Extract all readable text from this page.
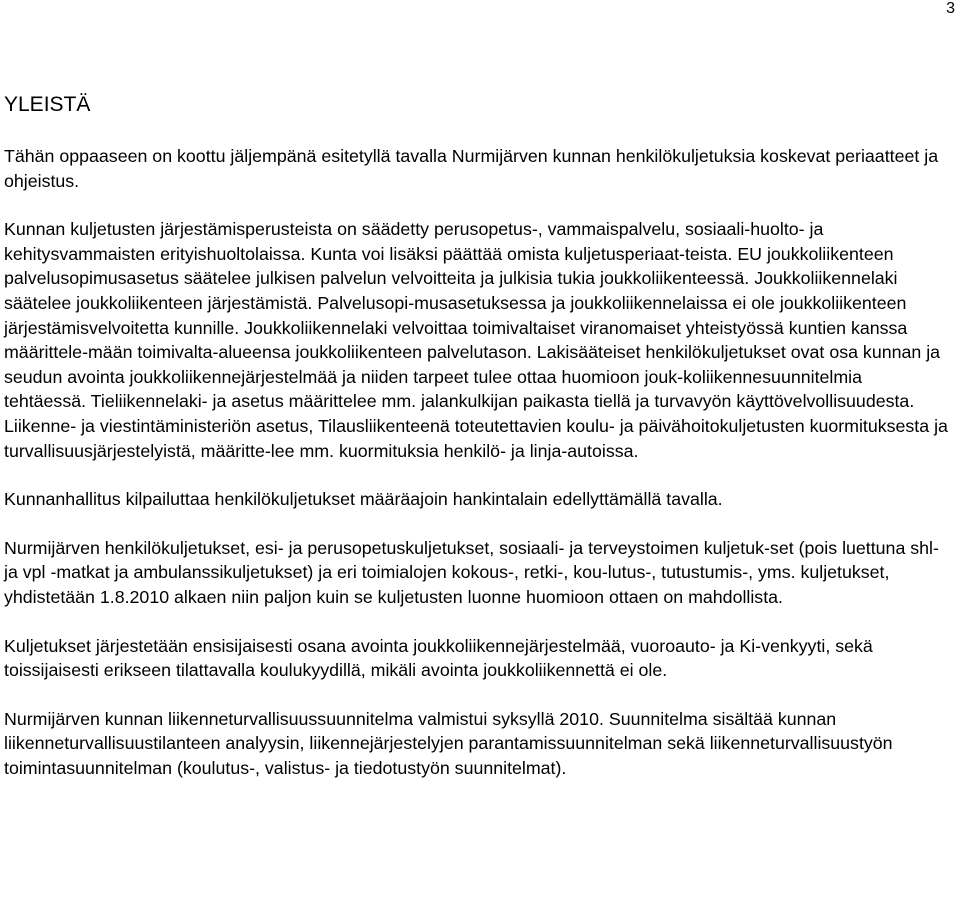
3
YLEISTÄ

Tähän oppaaseen on koottu jäljempänä esitetyllä tavalla Nurmijärven kunnan henkilökuljetuksia koskevat periaatteet ja ohjeistus.

Kunnan kuljetusten järjestämisperusteista on säädetty perusopetus-, vammaispalvelu, sosiaali-huolto- ja kehitysvammaisten erityishuoltolaissa. Kunta voi lisäksi päättää omista kuljetusperiaat-teista. EU joukkoliikenteen palvelusopimusasetus säätelee julkisen palvelun velvoitteita ja julkisia tukia joukkoliikenteessä. Joukkoliikennelaki säätelee joukkoliikenteen järjestämistä. Palvelusopi-musasetuksessa ja joukkoliikennelaissa ei ole joukkoliikenteen järjestämisvelvoitetta kunnille. Joukkoliikennelaki velvoittaa toimivaltaiset viranomaiset yhteistyössä kuntien kanssa määrittele-mään toimivalta-alueensa joukkoliikenteen palvelutason. Lakisääteiset henkilökuljetukset ovat osa kunnan ja seudun avointa joukkoliikennejärjestelmää ja niiden tarpeet tulee ottaa huomioon jouk-koliikennesuunnitelmia tehtäessä. Tieliikennelaki- ja asetus määrittelee mm. jalankulkijan paikasta tiellä ja turvavyön käyttövelvollisuudesta. Liikenne- ja viestintäministeriön asetus, Tilausliikenteenä toteutettavien koulu- ja päivähoitokuljetusten kuormituksesta ja turvallisuusjärjestelyistä, määritte-lee mm. kuormituksia henkilö- ja linja-autoissa.

Kunnanhallitus kilpailuttaa henkilökuljetukset määräajoin hankintalain edellyttämällä tavalla.

Nurmijärven henkilökuljetukset, esi- ja perusopetuskuljetukset, sosiaali- ja terveystoimen kuljetuk-set (pois luettuna shl- ja vpl -matkat ja ambulanssikuljetukset) ja eri toimialojen kokous-, retki-, kou-lutus-, tutustumis-, yms. kuljetukset, yhdistetään 1.8.2010 alkaen niin paljon kuin se kuljetusten luonne huomioon ottaen on mahdollista.

Kuljetukset järjestetään ensisijaisesti osana avointa joukkoliikennejärjestelmää, vuoroauto- ja Ki-venkyyti, sekä toissijaisesti erikseen tilattavalla koulukyydillä, mikäli avointa joukkoliikennettä ei ole.

Nurmijärven kunnan liikenneturvallisuussuunnitelma valmistui syksyllä 2010. Suunnitelma sisältää kunnan liikenneturvallisuustilanteen analyysin, liikennejärjestelyjen parantamissuunnitelman sekä liikenneturvallisuustyön toimintasuunnitelman (koulutus-, valistus- ja tiedotustyön suunnitelmat).
